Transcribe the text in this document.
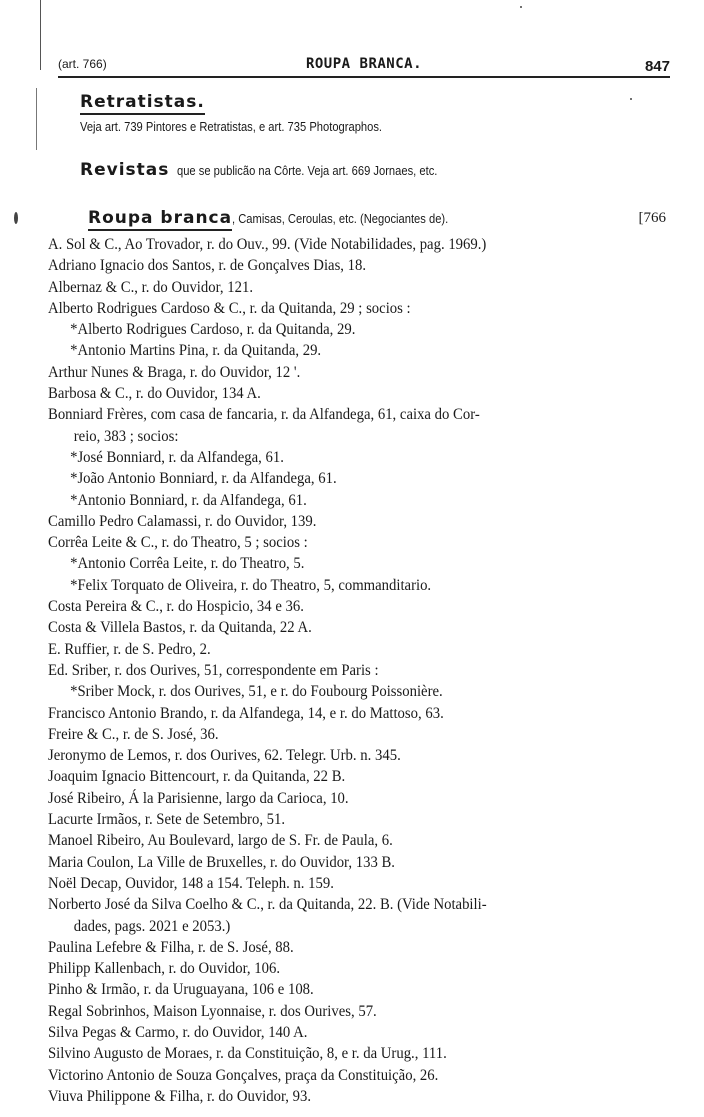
(art. 766)	ROUPA BRANCA.	847
Retratistas.
Veja art. 739 Pintores e Retratistas, e art. 735 Photographos.
Revistas que se publicão na Côrte. Veja art. 669 Jornaes, etc.
Roupa branca, Camisas, Ceroulas, etc. (Negociantes de).	[766
A. Sol & C., Ao Trovador, r. do Ouv., 99. (Vide Notabilidades, pag. 1969.)
Adriano Ignacio dos Santos, r. de Gonçalves Dias, 18.
Albernaz & C., r. do Ouvidor, 121.
Alberto Rodrigues Cardoso & C., r. da Quitanda, 29 ; socios :
*Alberto Rodrigues Cardoso, r. da Quitanda, 29.
*Antonio Martins Pina, r. da Quitanda, 29.
Arthur Nunes & Braga, r. do Ouvidor, 12 '.
Barbosa & C., r. do Ouvidor, 134 A.
Bonniard Frères, com casa de fancaria, r. da Alfandega, 61, caixa do Cor-
reio, 383 ; socios:
*José Bonniard, r. da Alfandega, 61.
*João Antonio Bonniard, r. da Alfandega, 61.
*Antonio Bonniard, r. da Alfandega, 61.
Camillo Pedro Calamassi, r. do Ouvidor, 139.
Corrêa Leite & C., r. do Theatro, 5 ; socios :
*Antonio Corrêa Leite, r. do Theatro, 5.
*Felix Torquato de Oliveira, r. do Theatro, 5, commanditario.
Costa Pereira & C., r. do Hospicio, 34 e 36.
Costa & Villela Bastos, r. da Quitanda, 22 A.
E. Ruffier, r. de S. Pedro, 2.
Ed. Sriber, r. dos Ourives, 51, correspondente em Paris :
*Sriber Mock, r. dos Ourives, 51, e r. do Foubourg Poissonière.
Francisco Antonio Brando, r. da Alfandega, 14, e r. do Mattoso, 63.
Freire & C., r. de S. José, 36.
Jeronymo de Lemos, r. dos Ourives, 62. Telegr. Urb. n. 345.
Joaquim Ignacio Bittencourt, r. da Quitanda, 22 B.
José Ribeiro, Á la Parisienne, largo da Carioca, 10.
Lacurte Irmãos, r. Sete de Setembro, 51.
Manoel Ribeiro, Au Boulevard, largo de S. Fr. de Paula, 6.
Maria Coulon, La Ville de Bruxelles, r. do Ouvidor, 133 B.
Noël Decap, Ouvidor, 148 a 154. Teleph. n. 159.
Norberto José da Silva Coelho & C., r. da Quitanda, 22. B. (Vide Notabili-
dades, pags. 2021 e 2053.)
Paulina Lefebre & Filha, r. de S. José, 88.
Philipp Kallenbach, r. do Ouvidor, 106.
Pinho & Irmão, r. da Uruguayana, 106 e 108.
Regal Sobrinhos, Maison Lyonnaise, r. dos Ourives, 57.
Silva Pegas & Carmo, r. do Ouvidor, 140 A.
Silvino Augusto de Moraes, r. da Constituição, 8, e r. da Urug., 111.
Victorino Antonio de Souza Gonçalves, praça da Constituição, 26.
Viuva Philippone & Filha, r. do Ouvidor, 93.
